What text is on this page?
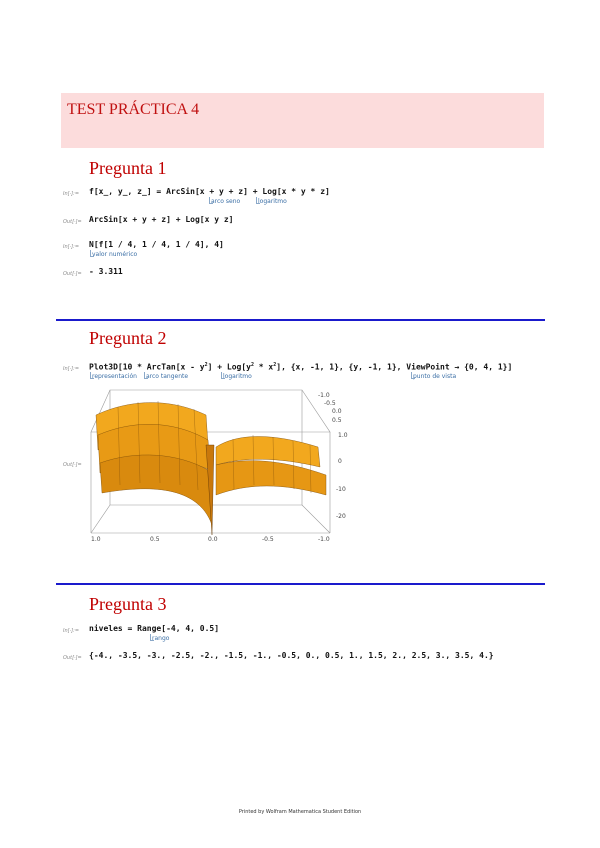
TEST PRÁCTICA 4
Pregunta 1
In[·]:= f[x_, y_, z_] = ArcSin[x + y + z] + Log[x * y * z]
arco seno	logaritmo
Out[·]= ArcSin[x + y + z] + Log[x y z]
In[·]:= N[f[1 / 4, 1 / 4, 1 / 4], 4]
valor numérico
Out[·]= - 3.311
Pregunta 2
In[·]:= Plot3D[10 * ArcTan[x - $y^2] + Log[y^2 * x^2]$, {x, -1, 1}, {y, -1, 1}, ViewPoint → {0, 4, 1}]
representación arco tangente	logaritmo	punto de vista
Out[·]=
-1.0
-0.5
0.0
0.5
1.0
0
-10
-20
1.0	0.5	0.0	-0.5	-1.0
Pregunta 3
In[·]:= niveles = Range[-4, 4, 0.5]
rango
Out[·]= {-4., -3.5, -3., -2.5, -2., -1.5, -1., -0.5, 0., 0.5, 1., 1.5, 2., 2.5, 3., 3.5, 4.}
Printed by Wolfram Mathematica Student Edition
